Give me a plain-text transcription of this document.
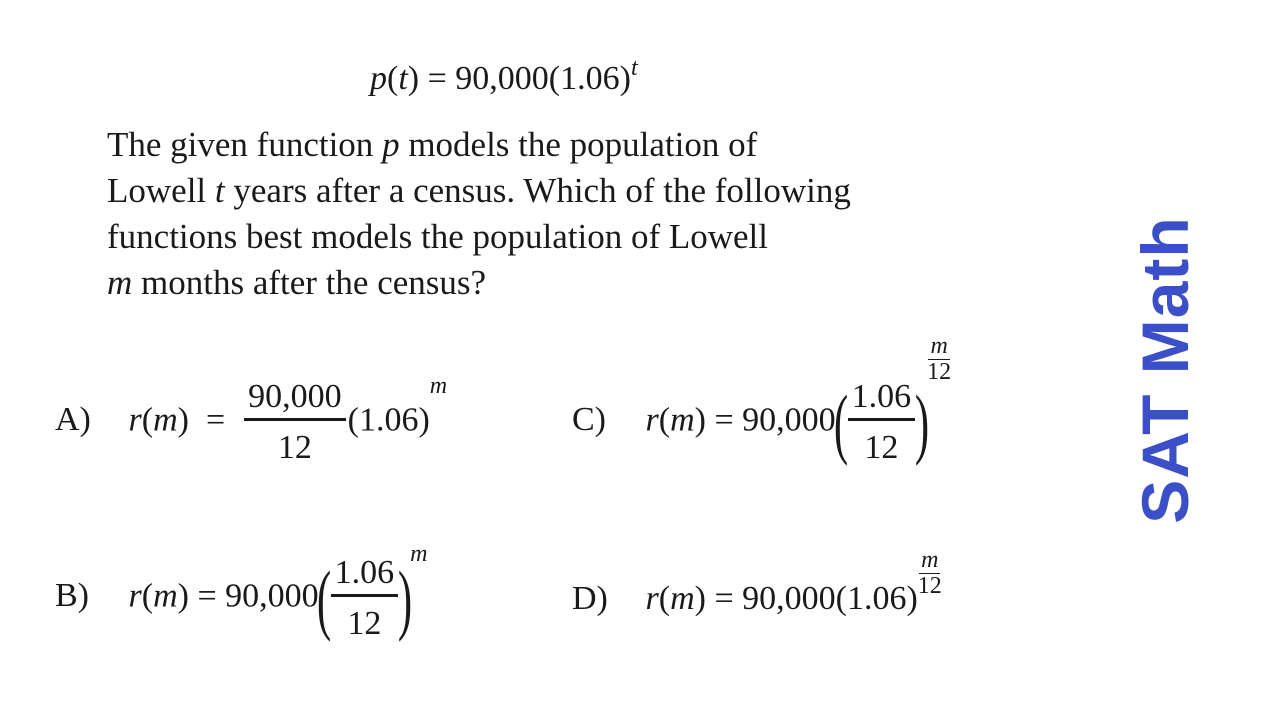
$p(t) = 90,000(1.06)^t$
The given function p models the population of
Lowell t years after a census. Which of the following
functions best models the population of Lowell
m months after the census?
A) $r(m) = \frac{90,000}{12} (1.06)^m$
B) $r(m) = 90,000( \frac{1.06}{12} )^m$
C) $r(m) = 90,000( \frac{1.06}{12}$ )
$\frac{m}{12}$
D) r(m) = 90,000(1.06)
$\frac{m}{12}$
SAT Math
